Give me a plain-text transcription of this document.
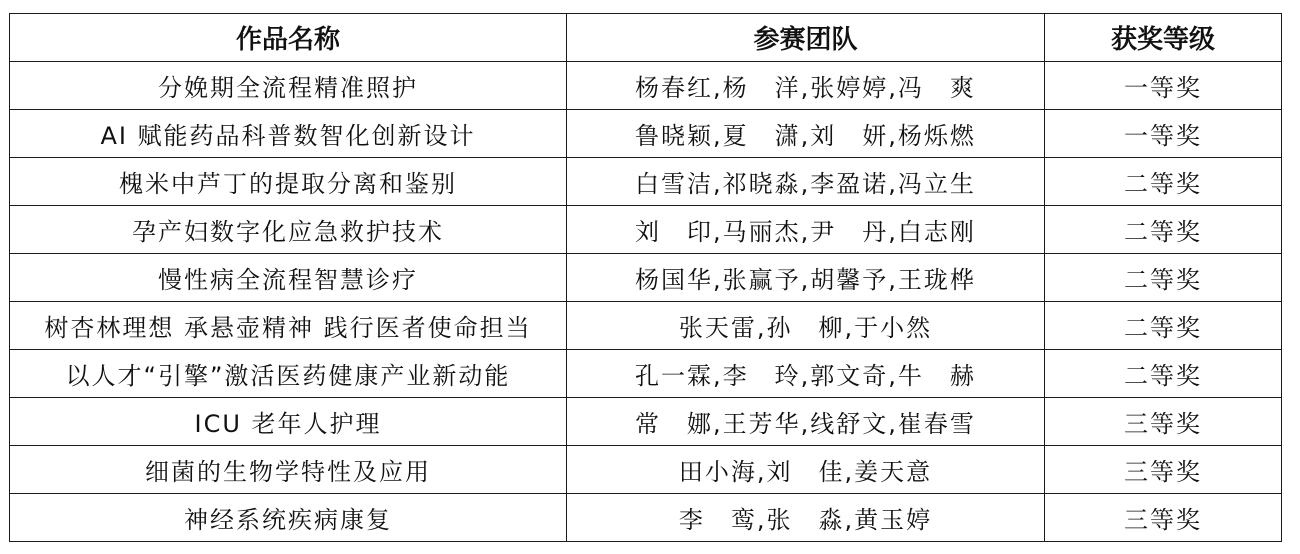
作品名称	参赛团队	获奖等级
分娩期全流程精准照护	杨春红,杨　洋,张婷婷,冯　爽	一等奖
AI 赋能药品科普数智化创新设计	鲁晓颖,夏　潇,刘　妍,杨烁燃	一等奖
槐米中芦丁的提取分离和鉴别	白雪洁,祁晓淼,李盈诺,冯立生	二等奖
孕产妇数字化应急救护技术	刘　印,马丽杰,尹　丹,白志刚	二等奖
慢性病全流程智慧诊疗	杨国华,张赢予,胡馨予,王珑桦	二等奖
树杏林理想 承悬壶精神 践行医者使命担当	张天雷,孙　柳,于小然	二等奖
以人才“引擎”激活医药健康产业新动能	孔一霖,李　玲,郭文奇,牛　赫	二等奖
ICU 老年人护理	常　娜,王芳华,线舒文,崔春雪	三等奖
细菌的生物学特性及应用	田小海,刘　佳,姜天意	三等奖
神经系统疾病康复	李　鸾,张　淼,黄玉婷	三等奖
